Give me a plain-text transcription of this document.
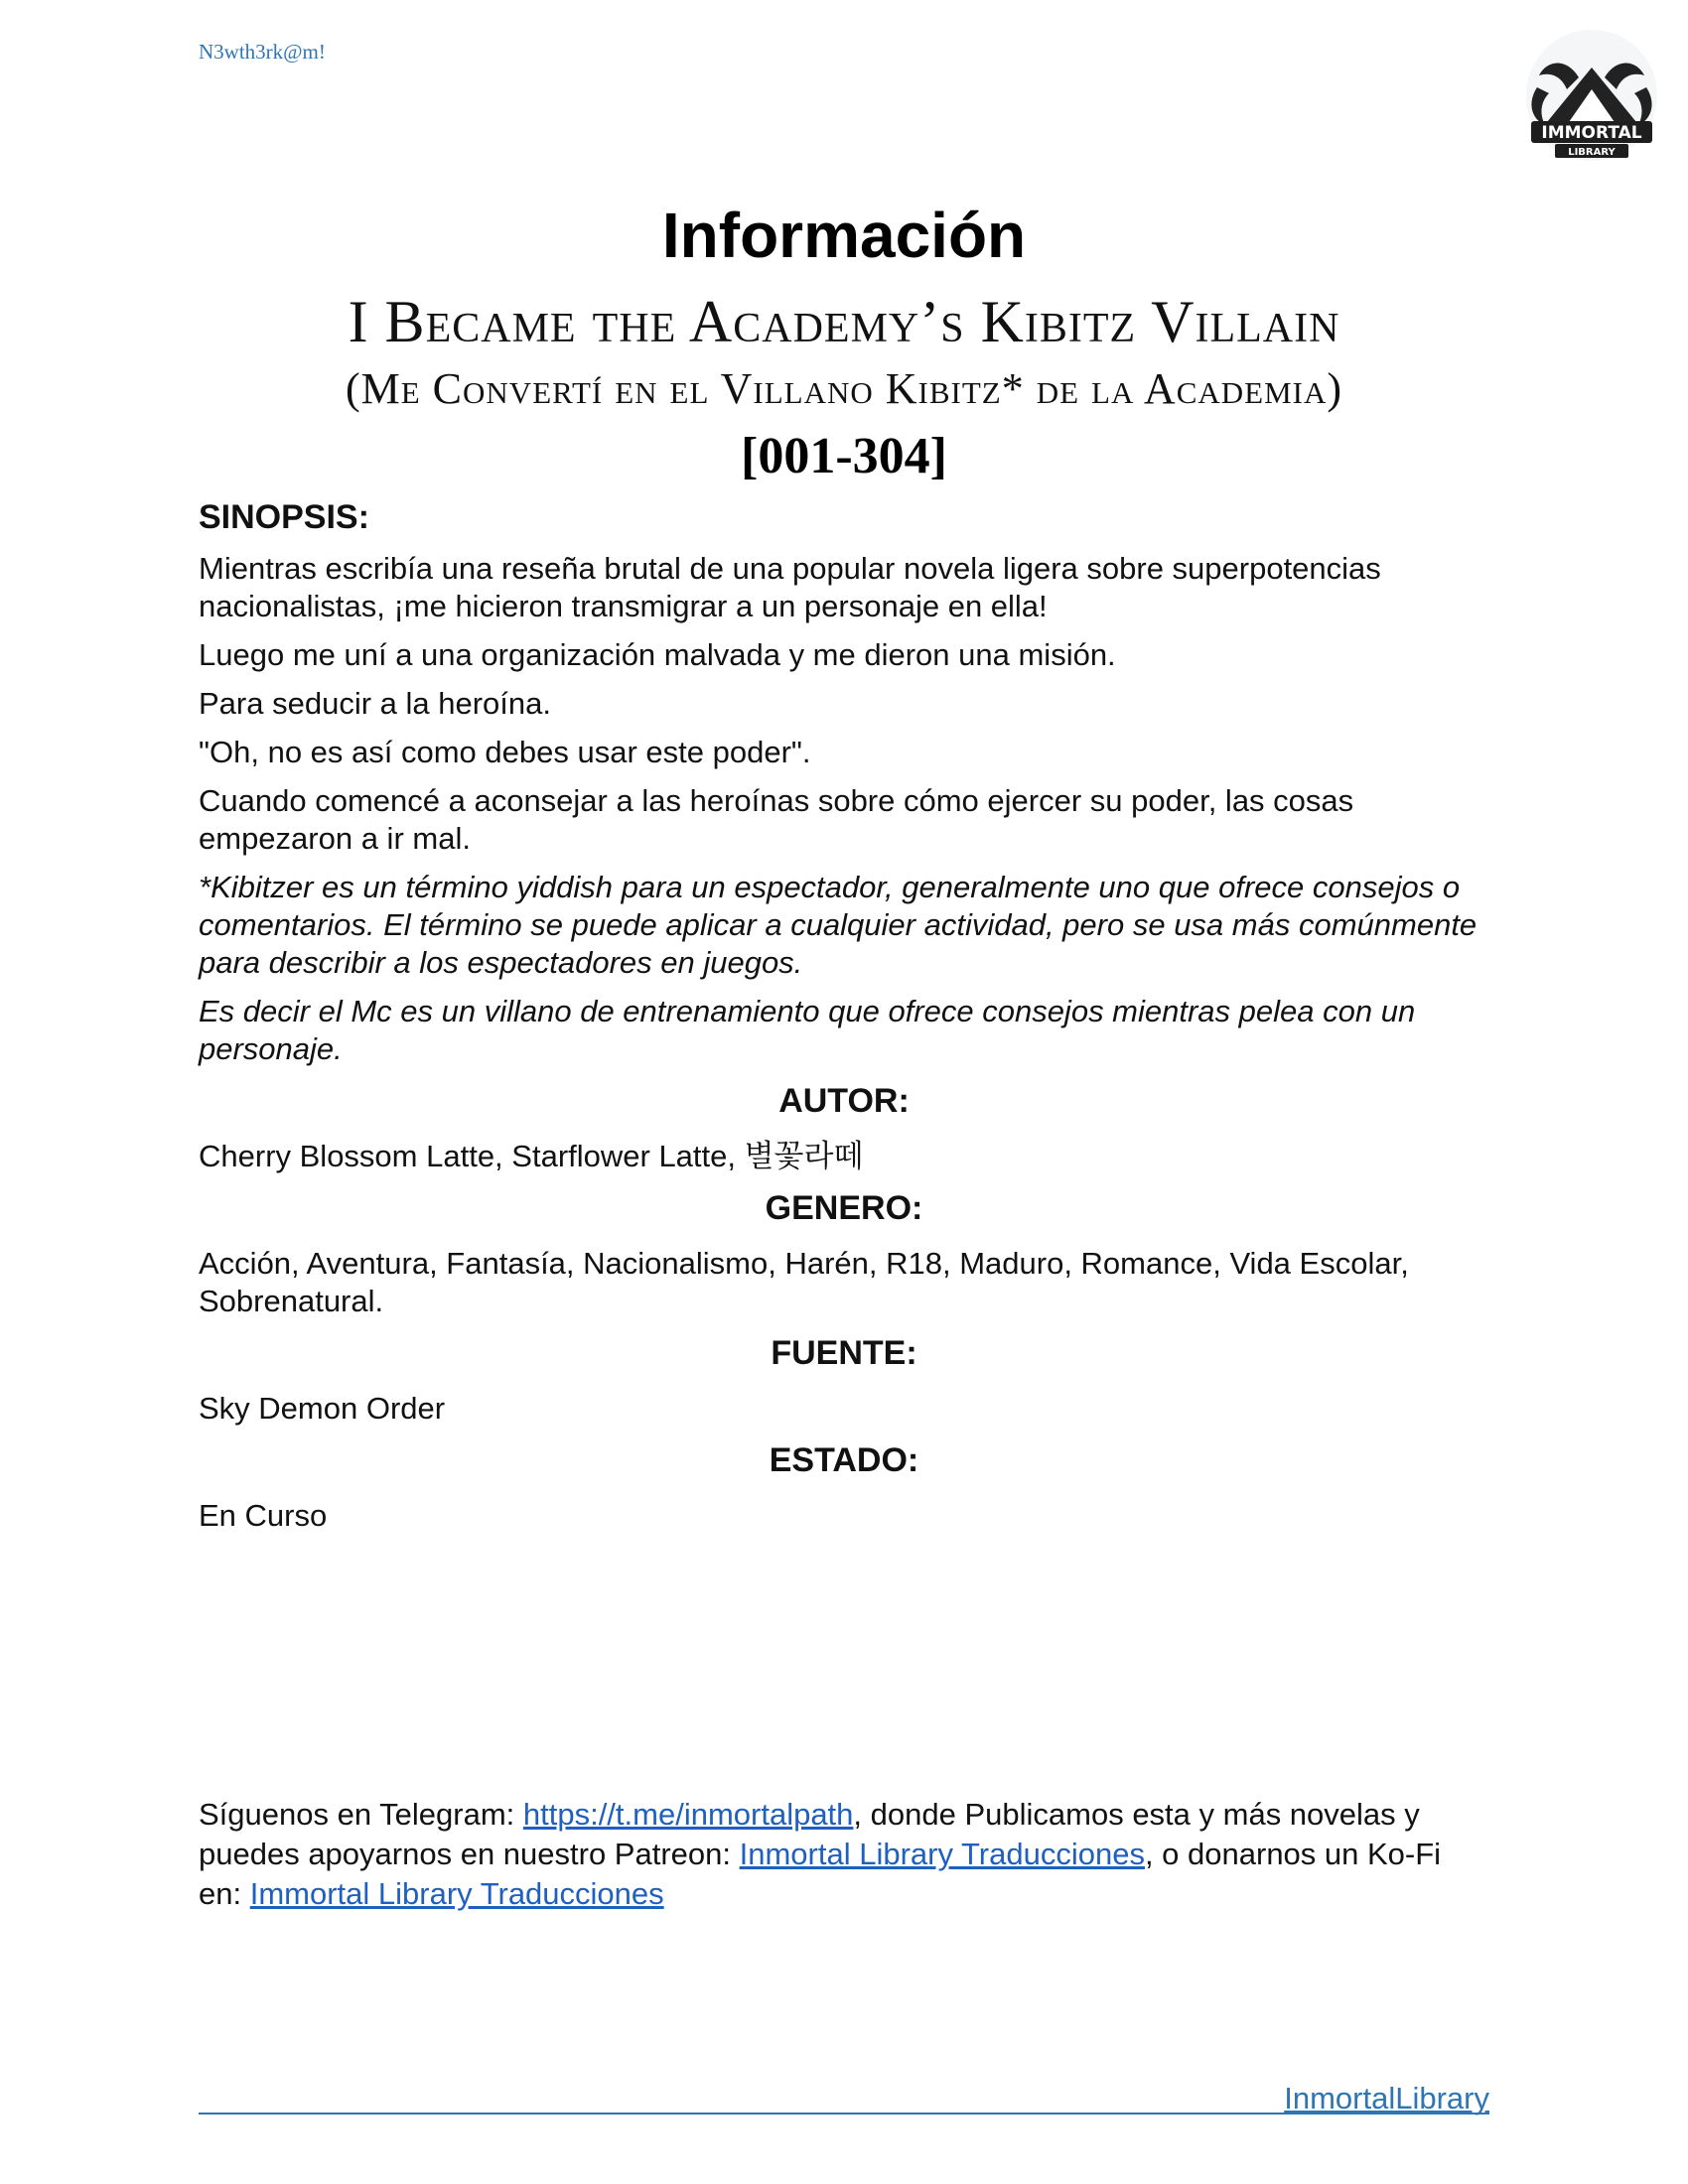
N3wth3rk@m!
IMMORTAL
LIBRARY
Información
I Became the Academy’s Kibitz Villain
(Me Convertí en el Villano Kibitz* de la Academia)
[001-304]

SINOPSIS:

Mientras escribía una reseña brutal de una popular novela ligera sobre superpotencias nacionalistas, ¡me hicieron transmigrar a un personaje en ella!

Luego me uní a una organización malvada y me dieron una misión.

Para seducir a la heroína.

"Oh, no es así como debes usar este poder".

Cuando comencé a aconsejar a las heroínas sobre cómo ejercer su poder, las cosas empezaron a ir mal.

*Kibitzer es un término yiddish para un espectador, generalmente uno que ofrece consejos o comentarios. El término se puede aplicar a cualquier actividad, pero se usa más comúnmente para describir a los espectadores en juegos.

Es decir el Mc es un villano de entrenamiento que ofrece consejos mientras pelea con un personaje.

AUTOR:

Cherry Blossom Latte, Starflower Latte, 별꽃라떼

GENERO:

Acción, Aventura, Fantasía, Nacionalismo, Harén, R18, Maduro, Romance, Vida Escolar, Sobrenatural.

FUENTE:

Sky Demon Order

ESTADO:

En Curso

Síguenos en Telegram: https://t.me/inmortalpath, donde Publicamos esta y más novelas y puedes apoyarnos en nuestro Patreon: Inmortal Library Traducciones, o donarnos un Ko-Fi en: Immortal Library Traducciones
InmortalLibrary
